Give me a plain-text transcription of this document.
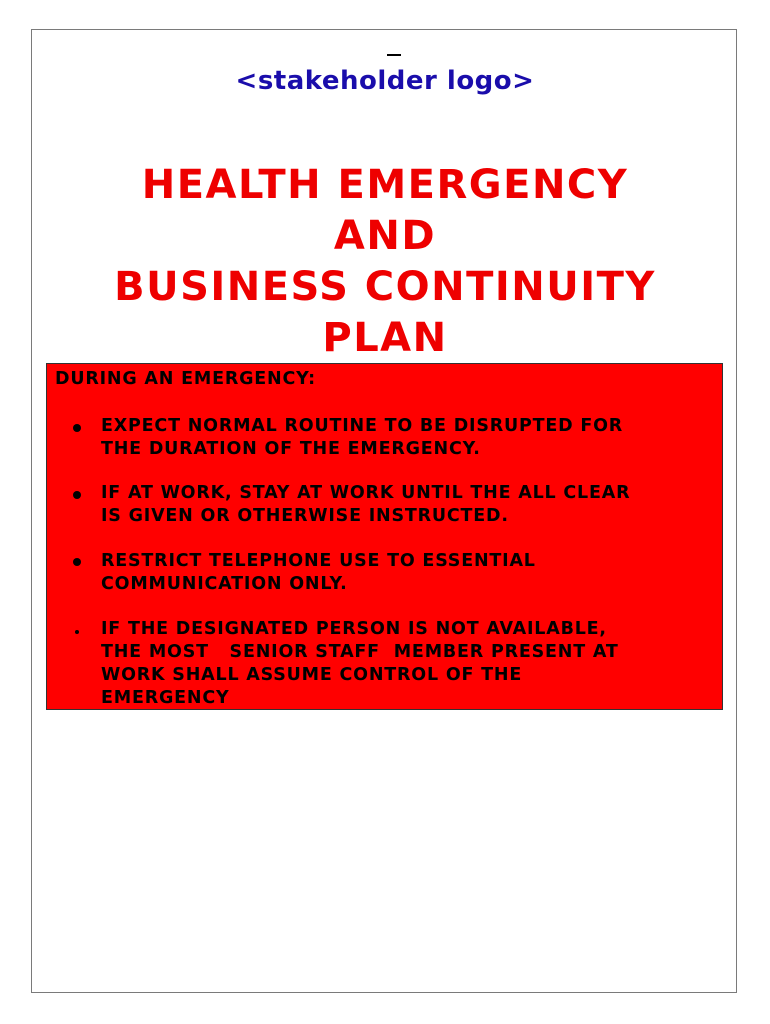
<stakeholder logo>
HEALTH EMERGENCY
AND
BUSINESS CONTINUITY
PLAN
DURING AN EMERGENCY:
EXPECT NORMAL ROUTINE TO BE DISRUPTED FOR
THE DURATION OF THE EMERGENCY.
IF AT WORK, STAY AT WORK UNTIL THE ALL CLEAR
IS GIVEN OR OTHERWISE INSTRUCTED.
RESTRICT TELEPHONE USE TO ESSENTIAL
COMMUNICATION ONLY.
IF THE DESIGNATED PERSON IS NOT AVAILABLE,
THE MOST   SENIOR STAFF  MEMBER PRESENT AT
WORK SHALL ASSUME CONTROL OF THE
EMERGENCY
